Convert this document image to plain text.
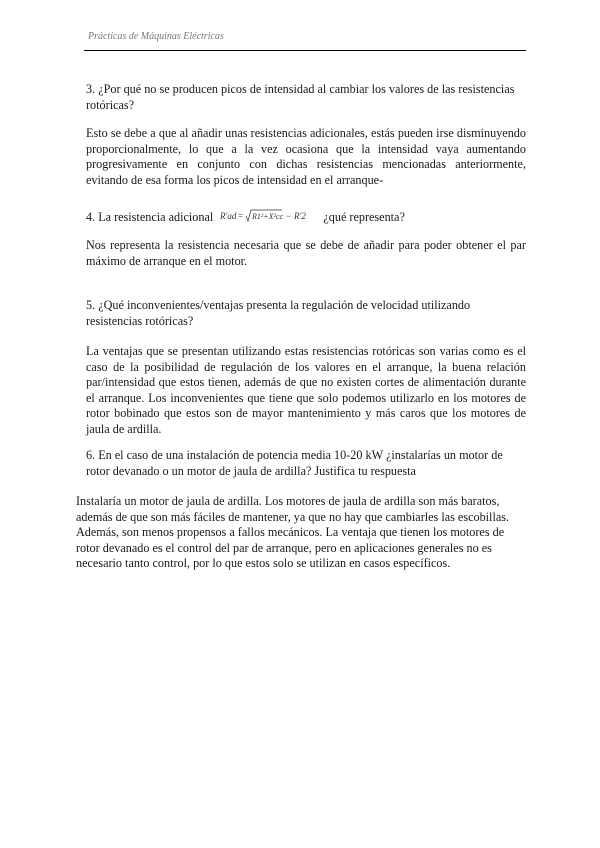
Prácticas de Máquinas Eléctricas
3. ¿Por qué no se producen picos de intensidad al cambiar los valores de las resistencias rotóricas?
Esto se debe a que al añadir unas resistencias adicionales, estás pueden irse disminuyendo proporcionalmente, lo que a la vez ocasiona que la intensidad vaya aumentando progresivamente en conjunto con dichas resistencias mencionadas anteriormente, evitando de esa forma los picos de intensidad en el arranque-
4. La resistencia adicional R'ad = R1²+X²cc − R'2 ¿qué representa?
Nos representa la resistencia necesaria que se debe de añadir para poder obtener el par máximo de arranque en el motor.
5. ¿Qué inconvenientes/ventajas presenta la regulación de velocidad utilizando resistencias rotóricas?
La ventajas que se presentan utilizando estas resistencias rotóricas son varias como es el caso de la posibilidad de regulación de los valores en el arranque, la buena relación par/intensidad que estos tienen, además de que no existen cortes de alimentación durante el arranque. Los inconvenientes que tiene que solo podemos utilizarlo en los motores de rotor bobinado que estos son de mayor mantenimiento y más caros que los motores de jaula de ardilla.
6. En el caso de una instalación de potencia media 10-20 kW ¿instalarías un motor de rotor devanado o un motor de jaula de ardilla? Justifica tu respuesta
Instalaría un motor de jaula de ardilla. Los motores de jaula de ardilla son más baratos, además de que son más fáciles de mantener, ya que no hay que cambiarles las escobillas. Además, son menos propensos a fallos mecánicos. La ventaja que tienen los motores de rotor devanado es el control del par de arranque, pero en aplicaciones generales no es necesario tanto control, por lo que estos solo se utilizan en casos específicos.
